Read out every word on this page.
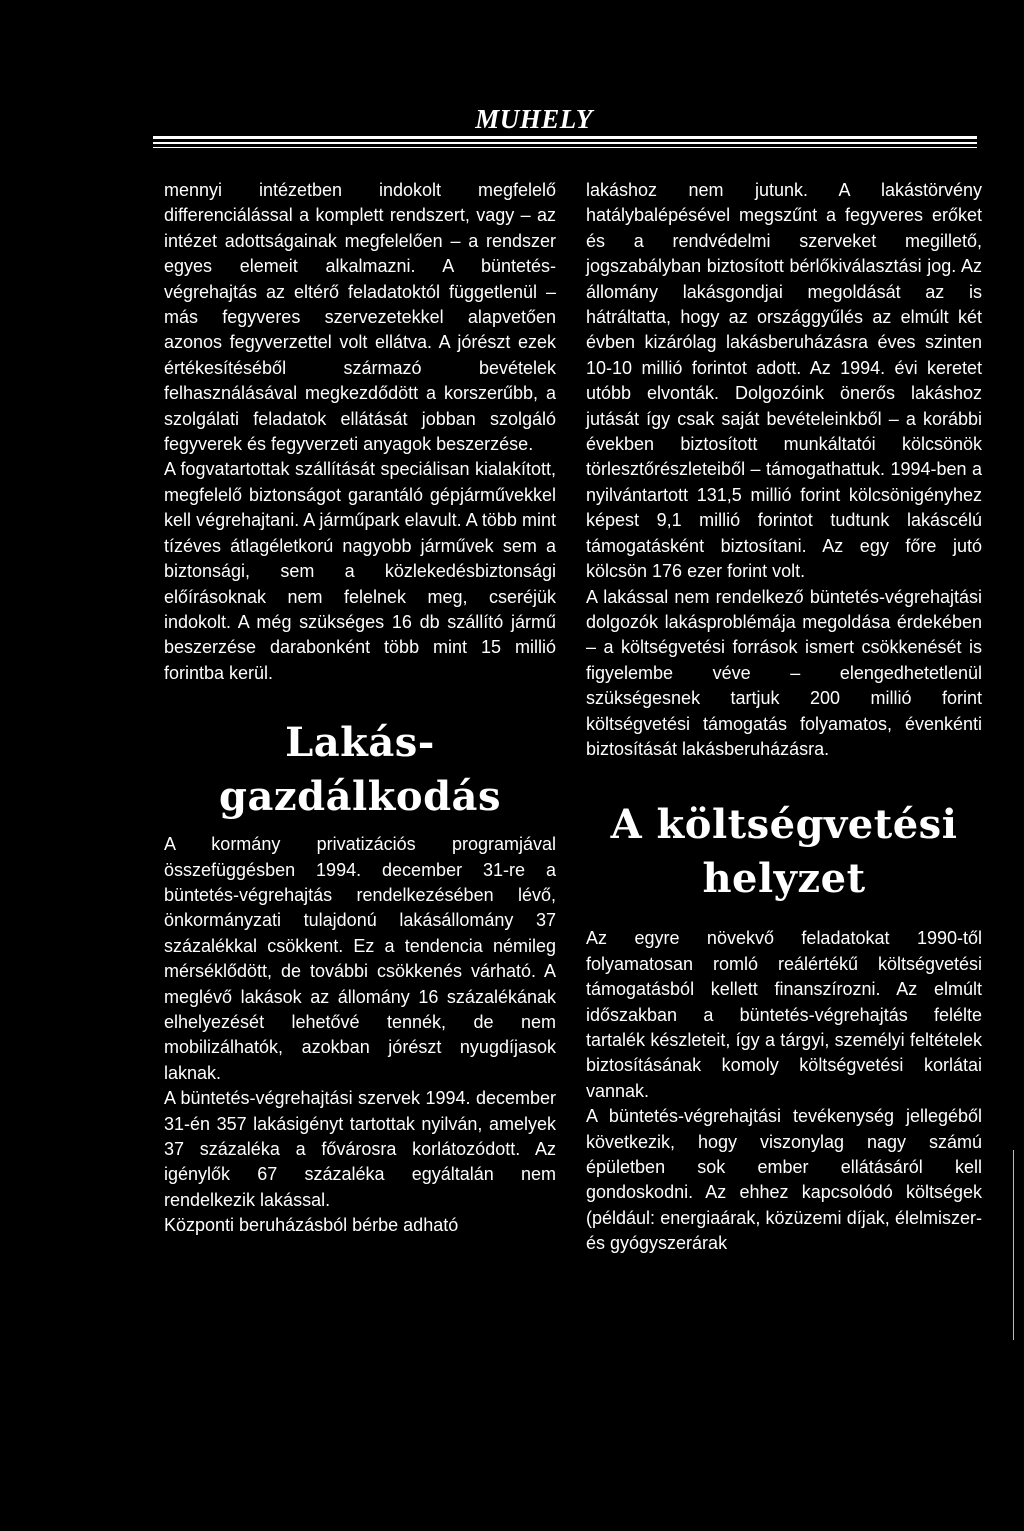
MUHELY

mennyi intézetben indokolt megfelelő differenciálással a komplett rendszert, vagy – az intézet adottságainak megfelelően – a rendszer egyes elemeit alkalmazni. A büntetés-végrehajtás az eltérő feladatoktól függetlenül – más fegyveres szervezetekkel alapvetően azonos fegyverzettel volt ellátva. A jórészt ezek értékesítéséből származó bevételek felhasználásával megkezdődött a korszerűbb, a szolgálati feladatok ellátását jobban szolgáló fegyverek és fegyverzeti anyagok beszerzése.

A fogvatartottak szállítását speciálisan kialakított, megfelelő biztonságot garantáló gépjárművekkel kell végrehajtani. A járműpark elavult. A több mint tízéves átlagéletkorú nagyobb járművek sem a biztonsági, sem a közlekedésbiztonsági előírásoknak nem felelnek meg, cseréjük indokolt. A még szükséges 16 db szállító jármű beszerzése darabonként több mint 15 millió forintba kerül.

Lakás-
gazdálkodás

A kormány privatizációs programjával összefüggésben 1994. december 31-re a büntetés-végrehajtás rendelkezésében lévő, önkormányzati tulajdonú lakásállomány 37 százalékkal csökkent. Ez a tendencia némileg mérséklődött, de további csökkenés várható. A meglévő lakások az állomány 16 százalékának elhelyezését lehetővé tennék, de nem mobilizálhatók, azokban jórészt nyugdíjasok laknak.

A büntetés-végrehajtási szervek 1994. december 31-én 357 lakásigényt tartottak nyilván, amelyek 37 százaléka a fővárosra korlátozódott. Az igénylők 67 százaléka egyáltalán nem rendelkezik lakással.

Központi beruházásból bérbe adható

lakáshoz nem jutunk. A lakástörvény hatálybalépésével megszűnt a fegyveres erőket és a rendvédelmi szerveket megillető, jogszabályban biztosított bérlőkiválasztási jog. Az állomány lakásgondjai megoldását az is hátráltatta, hogy az országgyűlés az elmúlt két évben kizárólag lakásberuházásra éves szinten 10-10 millió forintot adott. Az 1994. évi keretet utóbb elvonták. Dolgozóink önerős lakáshoz jutását így csak saját bevételeinkből – a korábbi években biztosított munkáltatói kölcsönök törlesztőrészleteiből – támogathattuk. 1994-ben a nyilvántartott 131,5 millió forint kölcsönigényhez képest 9,1 millió forintot tudtunk lakáscélú támogatásként biztosítani. Az egy főre jutó kölcsön 176 ezer forint volt.

A lakással nem rendelkező büntetés-végrehajtási dolgozók lakásproblémája megoldása érdekében – a költségvetési források ismert csökkenését is figyelembe véve – elengedhetetlenül szükségesnek tartjuk 200 millió forint költségvetési támogatás folyamatos, évenkénti biztosítását lakásberuházásra.

A költségvetési
helyzet

Az egyre növekvő feladatokat 1990-től folyamatosan romló reálértékű költségvetési támogatásból kellett finanszírozni. Az elmúlt időszakban a büntetés-végrehajtás felélte tartalék készleteit, így a tárgyi, személyi feltételek biztosításának komoly költségvetési korlátai vannak.

A büntetés-végrehajtási tevékenység jellegéből következik, hogy viszonylag nagy számú épületben sok ember ellátásáról kell gondoskodni. Az ehhez kapcsolódó költségek (például: energiaárak, közüzemi díjak, élelmiszer- és gyógyszerárak
